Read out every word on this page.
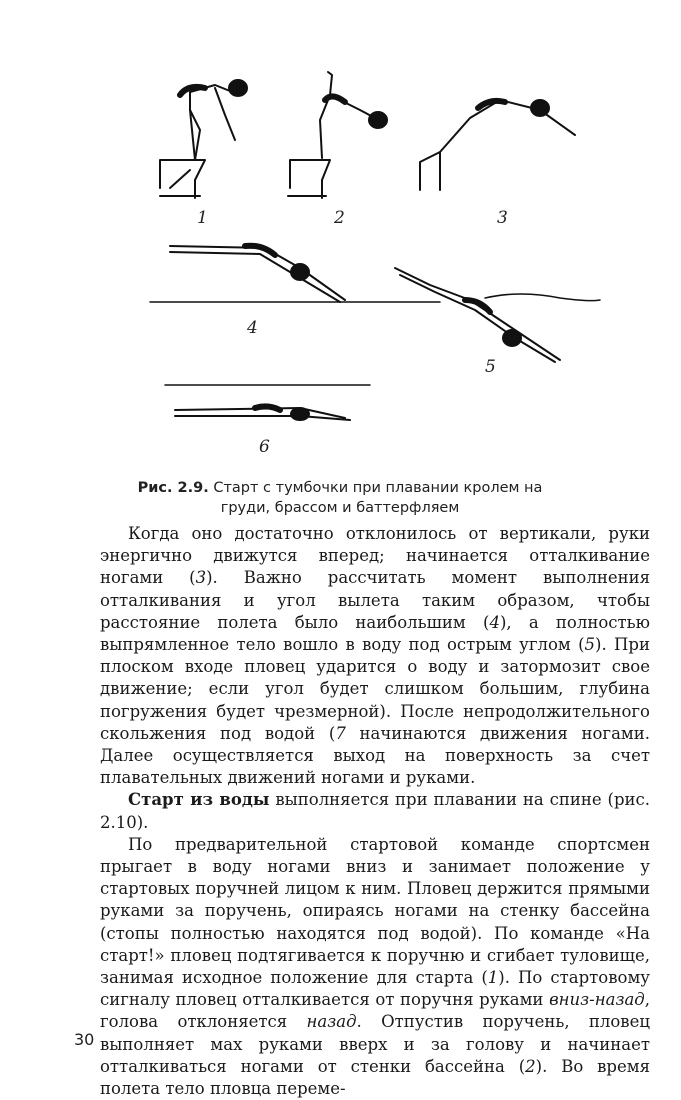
1	2	3
4
5
6
Рис. 2.9. Старт с тумбочки при плавании кролем на груди, брассом и баттерфляем

Когда оно достаточно отклонилось от вертикали, руки энергично движутся вперед; начинается отталкивание ногами (3). Важно рассчитать момент выполнения отталкивания и угол вылета таким образом, чтобы расстояние полета было наибольшим (4), а полностью выпрямленное тело вошло в воду под острым углом (5). При плоском входе пловец ударится о воду и затормозит свое движение; если угол будет слишком большим, глубина погружения будет чрезмерной). После непродолжительного скольжения под водой (7 начинаются движения ногами. Далее осуществляется выход на поверхность за счет плавательных движений ногами и руками.

Старт из воды выполняется при плавании на спине (рис. 2.10).

По предварительной стартовой команде спортсмен прыгает в воду ногами вниз и занимает положение у стартовых поручней лицом к ним. Пловец держится прямыми руками за поручень, опираясь ногами на стенку бассейна (стопы полностью находятся под водой). По команде «На старт!» пловец подтягивается к поручню и сгибает туловище, занимая исходное положение для старта (1). По стартовому сигналу пловец отталкивается от поручня руками вниз-назад, голова отклоняется назад. Отпустив поручень, пловец выполняет мах руками вверх и за голову и начинает отталкиваться ногами от стенки бассейна (2). Во время полета тело пловца переме-

30
